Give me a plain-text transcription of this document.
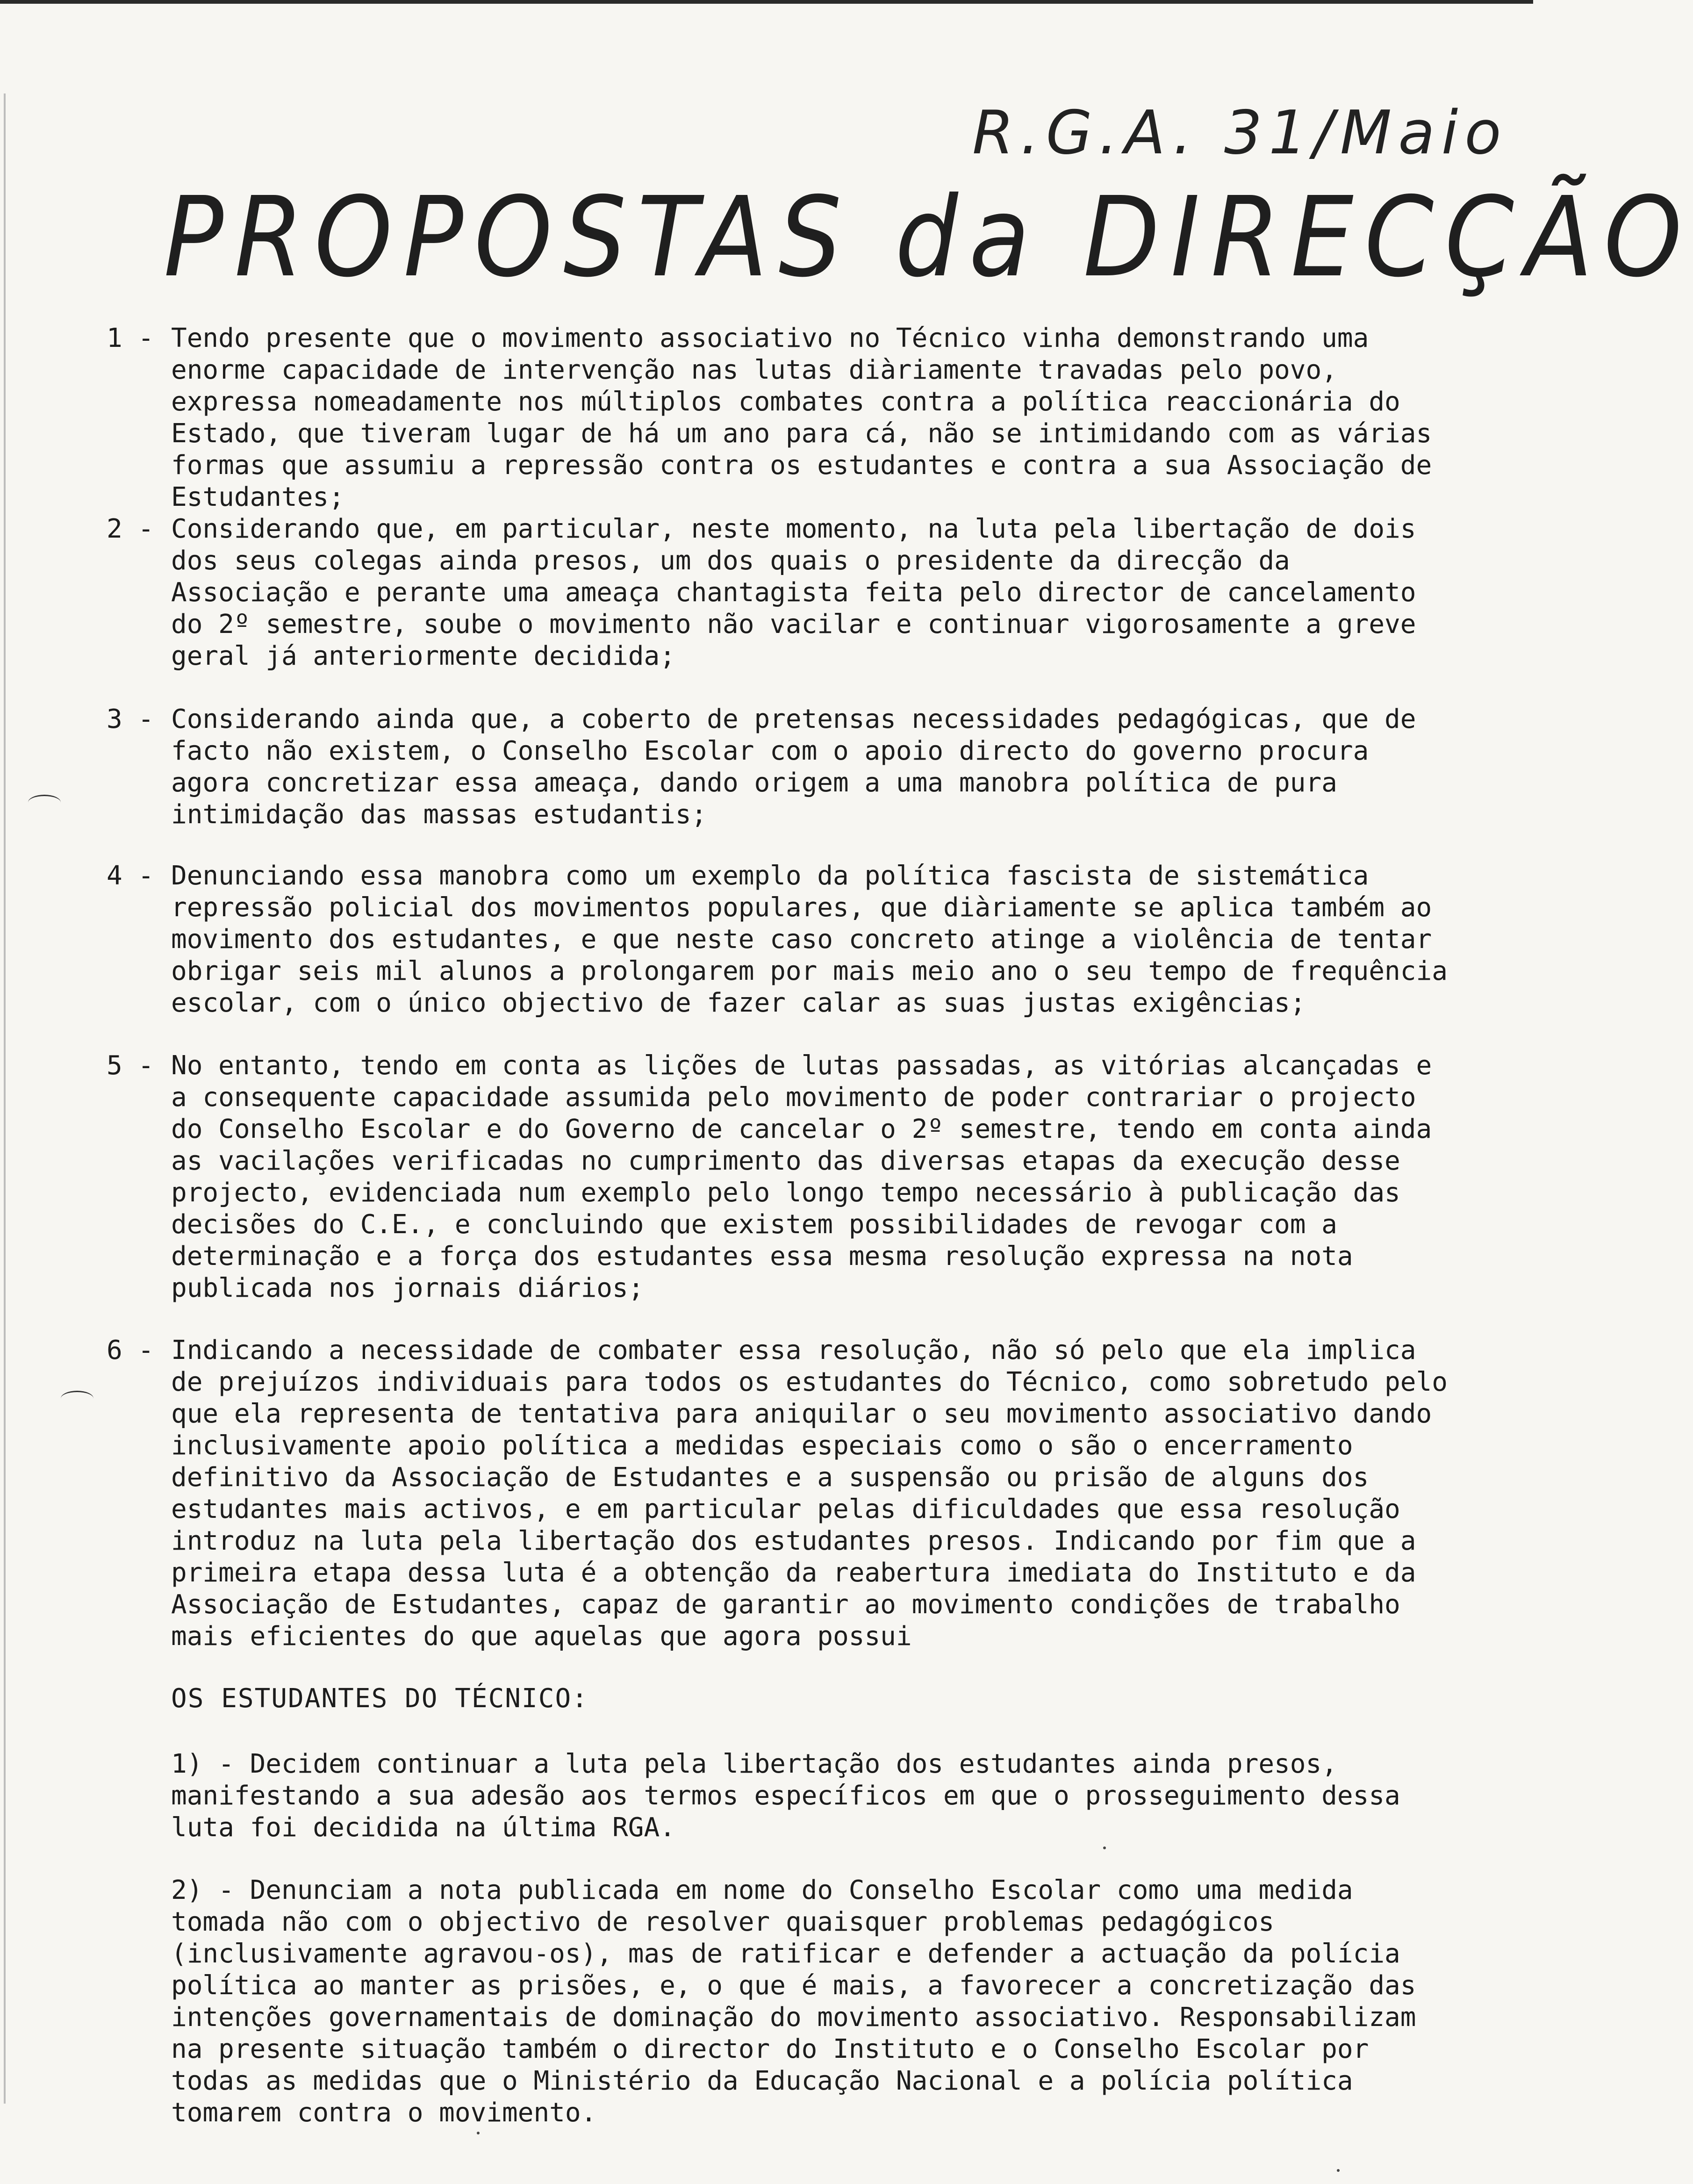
R.G.A. 31/Maio
PROPOSTAS da DIRECÇÃO
1 - Tendo presente que o movimento associativo no Técnico vinha demonstrando uma enorme capacidade de intervenção nas lutas diàriamente travadas pelo povo, expressa nomeadamente nos múltiplos combates contra a política reaccionária do Estado, que tiveram lugar de há um ano para cá, não se intimidando com as várias formas que assumiu a repressão contra os estudantes e contra a sua Associação de Estudantes;
2 - Considerando que, em particular, neste momento, na luta pela libertação de dois dos seus colegas ainda presos, um dos quais o presidente da direcção da Associação e perante uma ameaça chantagista feita pelo director de cancelamento do 2º semestre, soube o movimento não vacilar e continuar vigorosamente a greve geral já anteriormente decidida;
3 - Considerando ainda que, a coberto de pretensas necessidades pedagógicas, que de facto não existem, o Conselho Escolar com o apoio directo do governo procura agora concretizar essa ameaça, dando origem a uma manobra política de pura intimidação das massas estudantis;
4 - Denunciando essa manobra como um exemplo da política fascista de sistemática repressão policial dos movimentos populares, que diàriamente se aplica também ao movimento dos estudantes, e que neste caso concreto atinge a violência de tentar obrigar seis mil alunos a prolongarem por mais meio ano o seu tempo de frequência escolar, com o único objectivo de fazer calar as suas justas exigências;
5 - No entanto, tendo em conta as lições de lutas passadas, as vitórias alcançadas e a consequente capacidade assumida pelo movimento de poder contrariar o projecto do Conselho Escolar e do Governo de cancelar o 2º semestre, tendo em conta ainda as vacilações verificadas no cumprimento das diversas etapas da execução desse projecto, evidenciada num exemplo pelo longo tempo necessário à publicação das decisões do C.E., e concluindo que existem possibilidades de revogar com a determinação e a força dos estudantes essa mesma resolução expressa na nota publicada nos jornais diários;
6 - Indicando a necessidade de combater essa resolução, não só pelo que ela implica de prejuízos individuais para todos os estudantes do Técnico, como sobretudo pelo que ela representa de tentativa para aniquilar o seu movimento associativo dando inclusivamente apoio política a medidas especiais como o são o encerramento definitivo da Associação de Estudantes e a suspensão ou prisão de alguns dos estudantes mais activos, e em particular pelas dificuldades que essa resolução introduz na luta pela libertação dos estudantes presos. Indicando por fim que a primeira etapa dessa luta é a obtenção da reabertura imediata do Instituto e da Associação de Estudantes, capaz de garantir ao movimento condições de trabalho mais eficientes do que aquelas que agora possui
OS ESTUDANTES DO TÉCNICO:
1) - Decidem continuar a luta pela libertação dos estudantes ainda presos, manifestando a sua adesão aos termos específicos em que o prosseguimento dessa luta foi decidida na última RGA.
2) - Denunciam a nota publicada em nome do Conselho Escolar como uma medida tomada não com o objectivo de resolver quaisquer problemas pedagógicos (inclusivamente agravou-os), mas de ratificar e defender a actuação da polícia política ao manter as prisões, e, o que é mais, a favorecer a concretização das intenções governamentais de dominação do movimento associativo. Responsabilizam na presente situação também o director do Instituto e o Conselho Escolar por todas as medidas que o Ministério da Educação Nacional e a polícia política tomarem contra o movimento.
